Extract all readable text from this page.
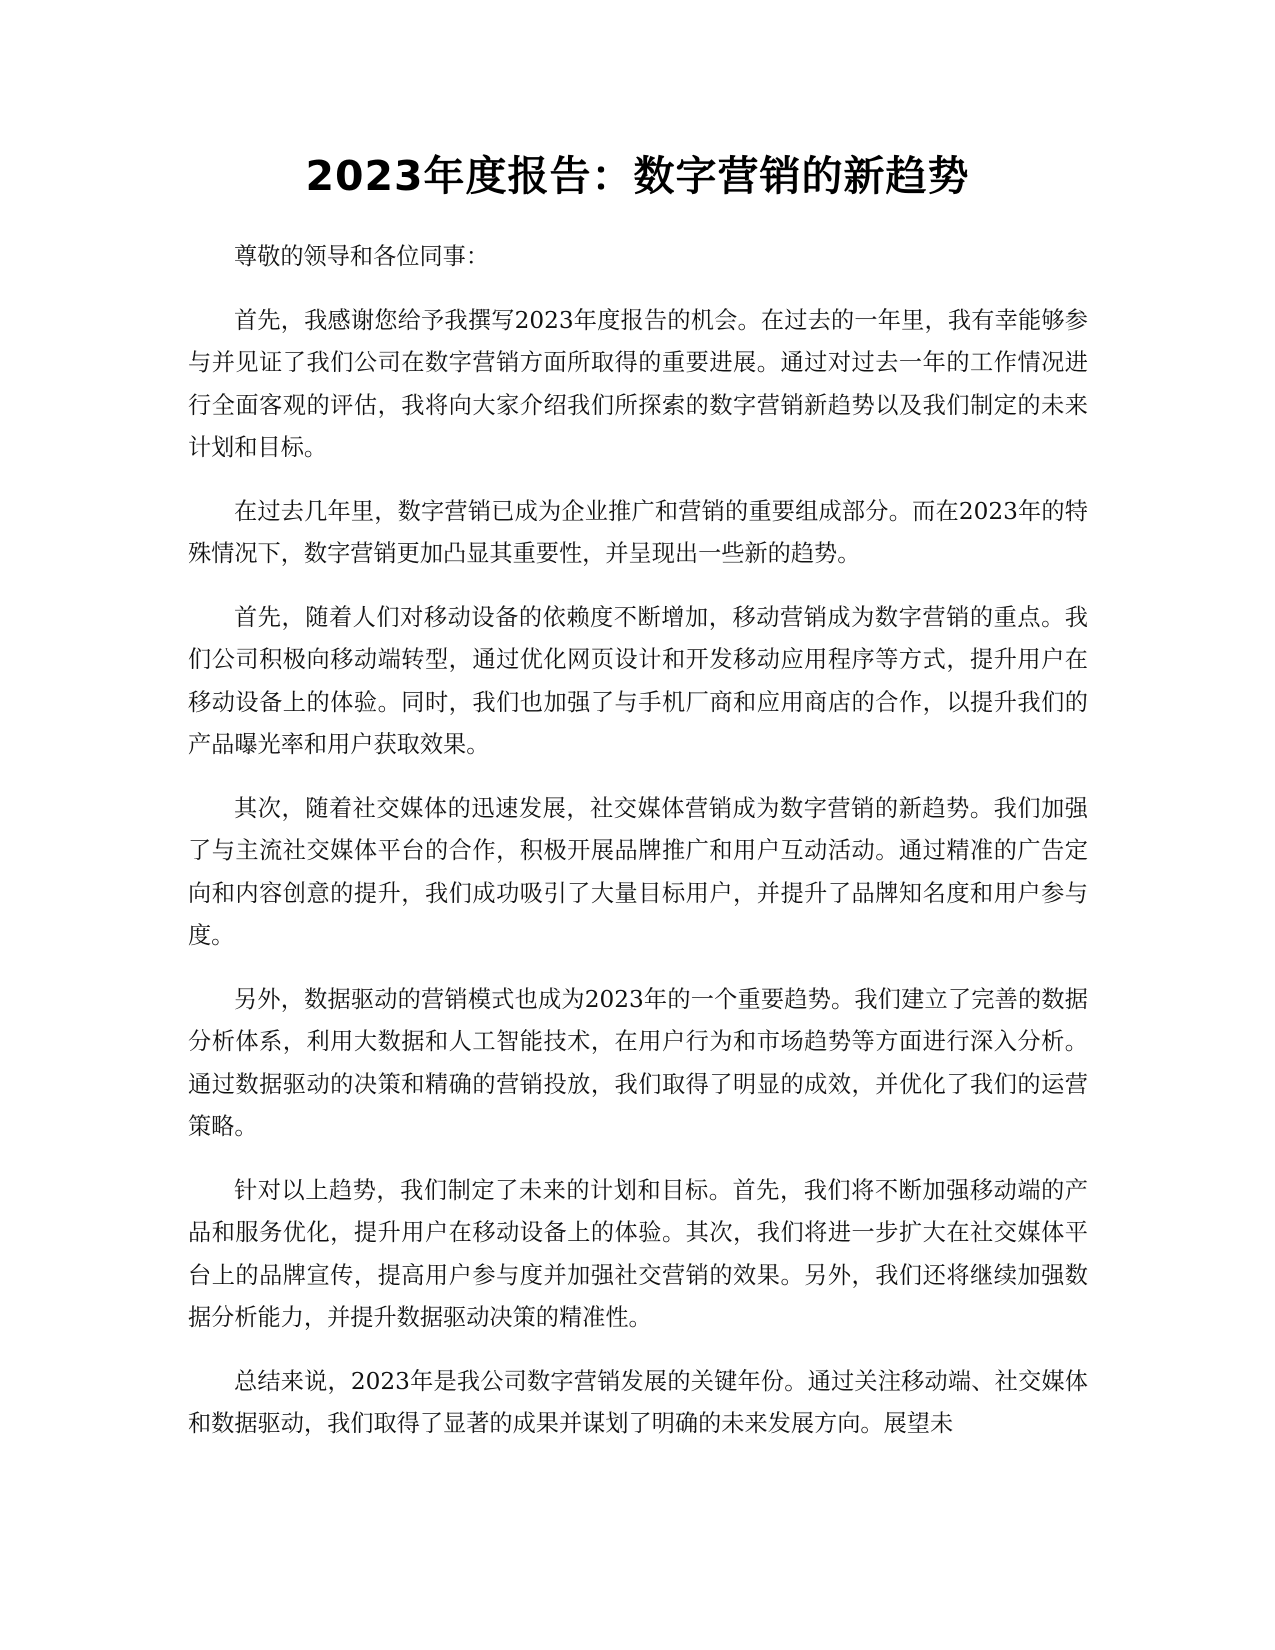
2023年度报告：数字营销的新趋势

尊敬的领导和各位同事：

首先，我感谢您给予我撰写2023年度报告的机会。在过去的一年里，我有幸能够参与并见证了我们公司在数字营销方面所取得的重要进展。通过对过去一年的工作情况进行全面客观的评估，我将向大家介绍我们所探索的数字营销新趋势以及我们制定的未来计划和目标。

在过去几年里，数字营销已成为企业推广和营销的重要组成部分。而在2023年的特殊情况下，数字营销更加凸显其重要性，并呈现出一些新的趋势。

首先，随着人们对移动设备的依赖度不断增加，移动营销成为数字营销的重点。我们公司积极向移动端转型，通过优化网页设计和开发移动应用程序等方式，提升用户在移动设备上的体验。同时，我们也加强了与手机厂商和应用商店的合作，以提升我们的产品曝光率和用户获取效果。

其次，随着社交媒体的迅速发展，社交媒体营销成为数字营销的新趋势。我们加强了与主流社交媒体平台的合作，积极开展品牌推广和用户互动活动。通过精准的广告定向和内容创意的提升，我们成功吸引了大量目标用户，并提升了品牌知名度和用户参与度。

另外，数据驱动的营销模式也成为2023年的一个重要趋势。我们建立了完善的数据分析体系，利用大数据和人工智能技术，在用户行为和市场趋势等方面进行深入分析。通过数据驱动的决策和精确的营销投放，我们取得了明显的成效，并优化了我们的运营策略。

针对以上趋势，我们制定了未来的计划和目标。首先，我们将不断加强移动端的产品和服务优化，提升用户在移动设备上的体验。其次，我们将进一步扩大在社交媒体平台上的品牌宣传，提高用户参与度并加强社交营销的效果。另外，我们还将继续加强数据分析能力，并提升数据驱动决策的精准性。

总结来说，2023年是我公司数字营销发展的关键年份。通过关注移动端、社交媒体和数据驱动，我们取得了显著的成果并谋划了明确的未来发展方向。展望未
